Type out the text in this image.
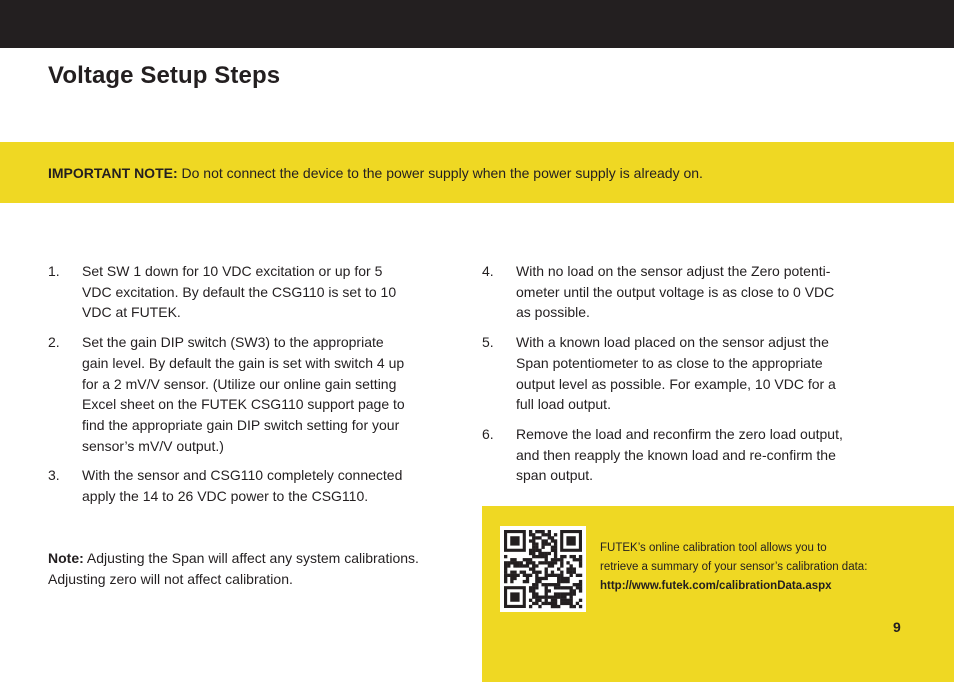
Voltage Setup Steps
IMPORTANT NOTE: Do not connect the device to the power supply when the power supply is already on.
1. Set SW 1 down for 10 VDC excitation or up for 5
VDC excitation. By default the CSG110 is set to 10
VDC at FUTEK.
2. Set the gain DIP switch (SW3) to the appropriate
gain level. By default the gain is set with switch 4 up
for a 2 mV/V sensor. (Utilize our online gain setting
Excel sheet on the FUTEK CSG110 support page to
find the appropriate gain DIP switch setting for your
sensor’s mV/V output.)
3. With the sensor and CSG110 completely connected
apply the 14 to 26 VDC power to the CSG110.
4. With no load on the sensor adjust the Zero potenti-
ometer until the output voltage is as close to 0 VDC
as possible.
5. With a known load placed on the sensor adjust the
Span potentiometer to as close to the appropriate
output level as possible. For example, 10 VDC for a
full load output.
6. Remove the load and reconfirm the zero load output,
and then reapply the known load and re-confirm the
span output.
Note: Adjusting the Span will affect any system calibrations.
Adjusting zero will not affect calibration.
FUTEK’s online calibration tool allows you to
retrieve a summary of your sensor’s calibration data:
http://www.futek.com/calibrationData.aspx
9
